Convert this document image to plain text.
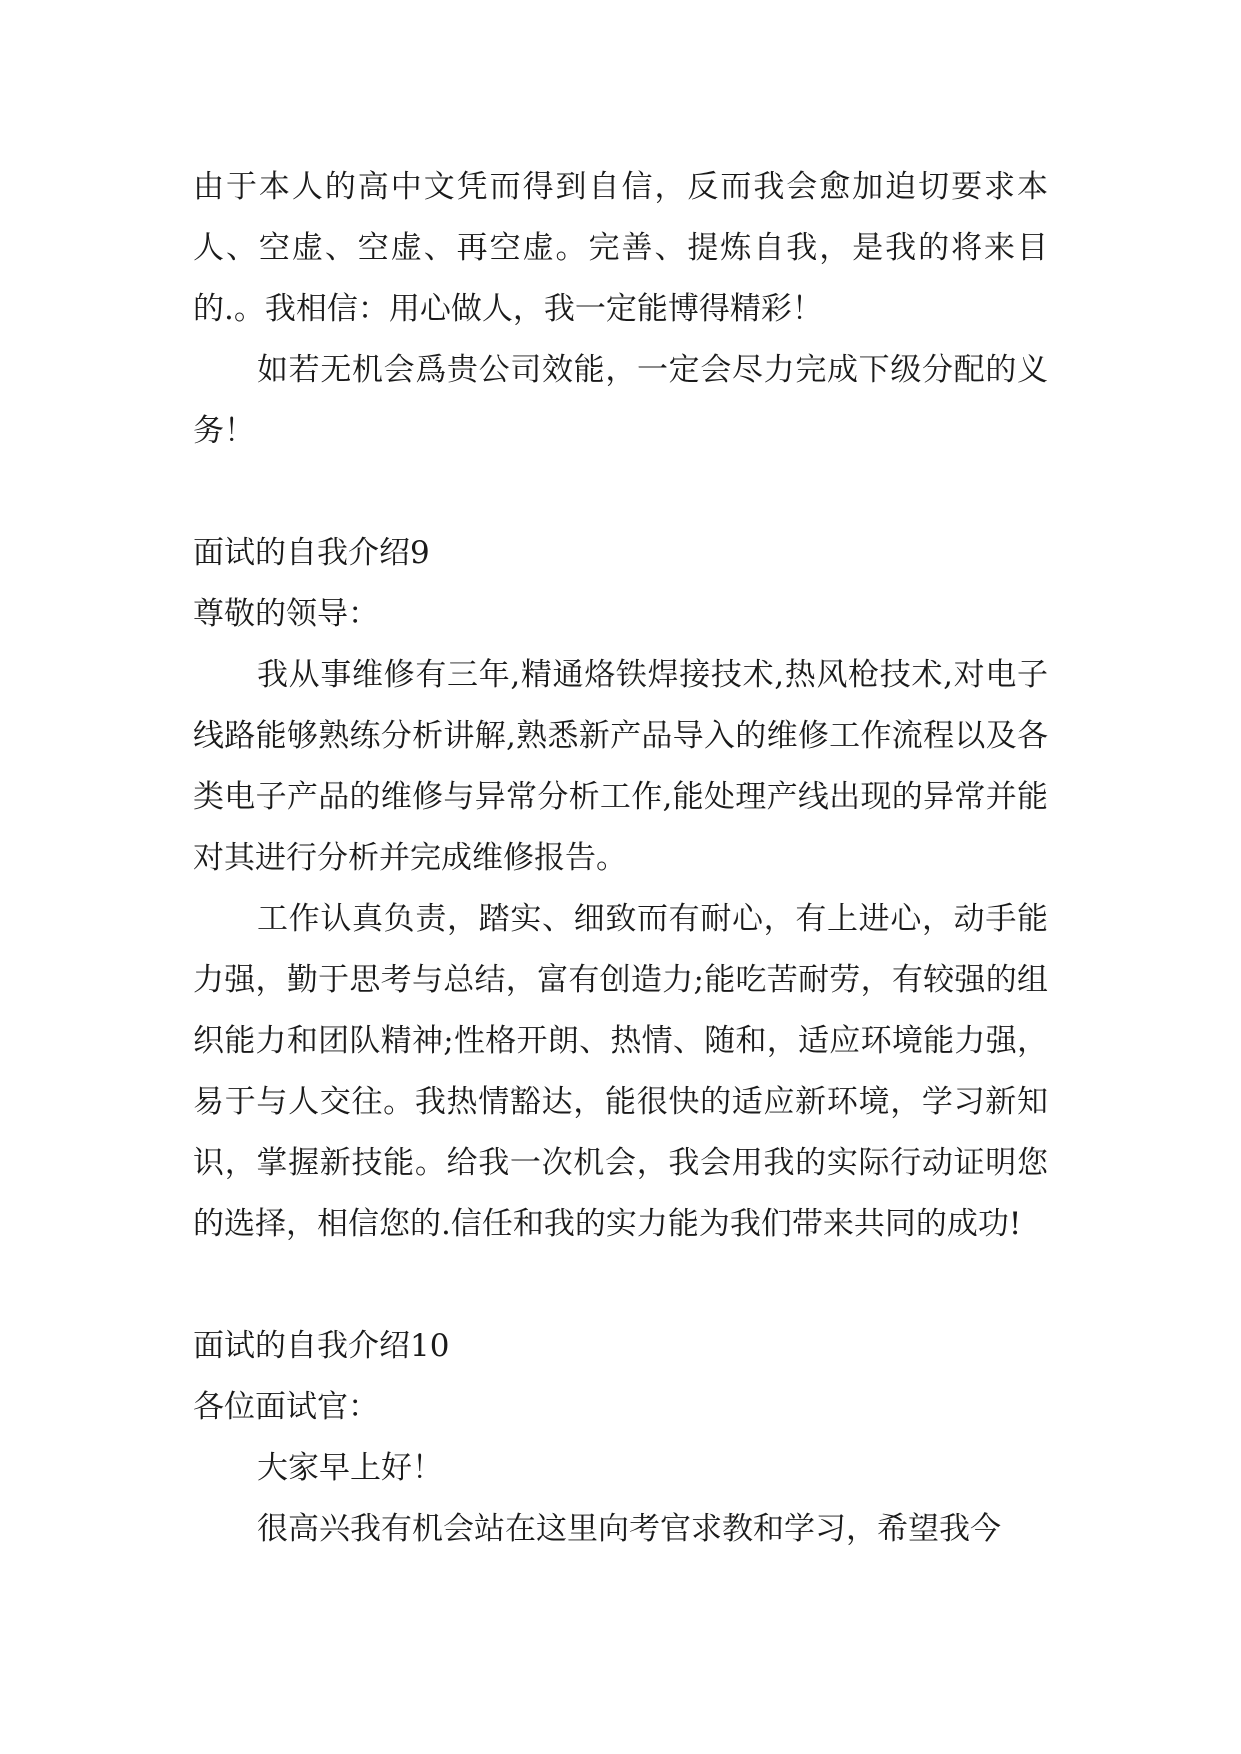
由于本人的高中文凭而得到自信，反而我会愈加迫切要求本人、空虚、空虚、再空虚。完善、提炼自我，是我的将来目的.。我相信：用心做人，我一定能博得精彩！

如若无机会爲贵公司效能，一定会尽力完成下级分配的义务！

面试的自我介绍9

尊敬的领导：

我从事维修有三年,精通烙铁焊接技术,热风枪技术,对电子线路能够熟练分析讲解,熟悉新产品导入的维修工作流程以及各类电子产品的维修与异常分析工作,能处理产线出现的异常并能对其进行分析并完成维修报告。

工作认真负责，踏实、细致而有耐心，有上进心，动手能力强，勤于思考与总结，富有创造力;能吃苦耐劳，有较强的组织能力和团队精神;性格开朗、热情、随和，适应环境能力强，易于与人交往。我热情豁达，能很快的适应新环境，学习新知识，掌握新技能。给我一次机会，我会用我的实际行动证明您的选择，相信您的.信任和我的实力能为我们带来共同的成功!

面试的自我介绍10

各位面试官：

大家早上好！

很高兴我有机会站在这里向考官求教和学习，希望我今
